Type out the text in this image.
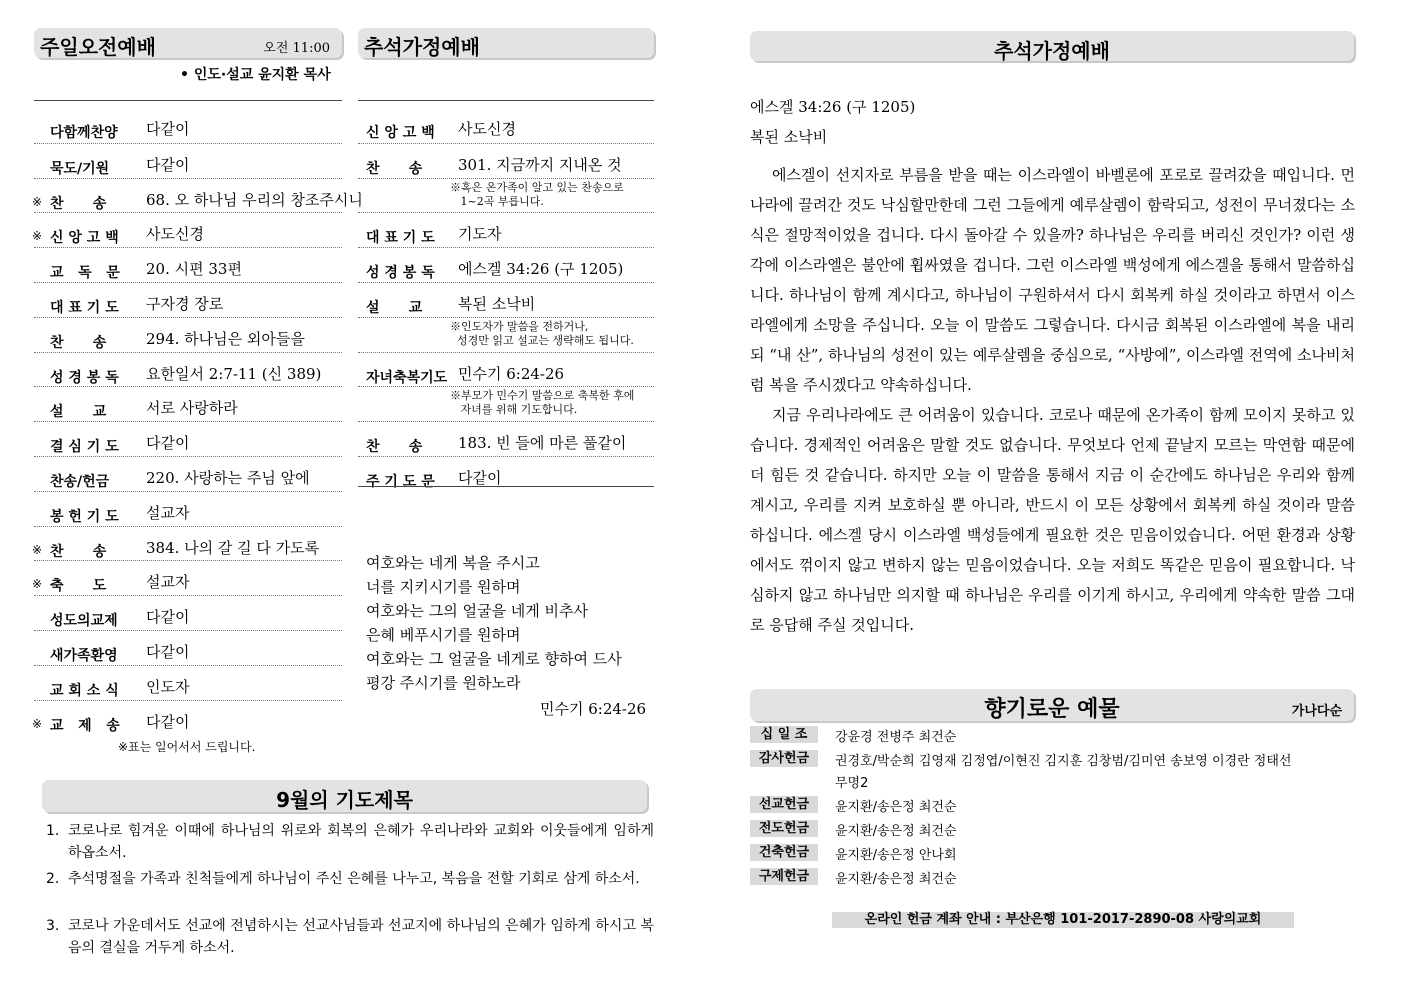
주일오전예배	오전 11:00
• 인도·설교 윤지환 목사
다함께찬양	다같이
묵도/기원	다같이
※ 찬      송	68. 오 하나님 우리의 창조주시니
※ 신 앙 고 백	사도신경
교   독   문	20. 시편 33편
대 표 기 도	구자경 장로
찬      송	294. 하나님은 외아들을
성 경 봉 독	요한일서 2:7-11 (신 389)
설      교	서로 사랑하라
결 심 기 도	다같이
찬송/헌금	220. 사랑하는 주님 앞에
봉 헌 기 도	설교자
※ 찬      송	384. 나의 갈 길 다 가도록
※ 축      도	설교자
성도의교제	다같이
새가족환영	다같이
교 회 소 식	인도자
※ 교   제   송	다같이
※표는 일어서서 드립니다.
추석가정예배
신 앙 고 백	사도신경
찬      송	301. 지금까지 지내온 것
※혹은 온가족이 알고 있는 찬송으로
1~2곡 부릅니다.
대 표 기 도	기도자
성 경 봉 독	에스겔 34:26 (구 1205)
설      교	복된 소낙비
※인도자가 말씀을 전하거나,
성경만 읽고 설교는 생략해도 됩니다.
자녀축복기도 민수기 6:24-26
※부모가 민수기 말씀으로 축복한 후에
자녀를 위해 기도합니다.
찬      송	183. 빈 들에 마른 풀같이
주 기 도 문	다같이

여호와는 네게 복을 주시고

너를 지키시기를 원하며

여호와는 그의 얼굴을 네게 비추사

은혜 베푸시기를 원하며

여호와는 그 얼굴을 네게로 향하여 드사

평강 주시기를 원하노라

민수기 6:24-26
9월의 기도제목
1. 코로나로 힘겨운 이때에 하나님의 위로와 회복의 은혜가 우리나라와 교회와 이웃들에게 임하게 하옵소서.
2. 추석명절을 가족과 친척들에게 하나님이 주신 은혜를 나누고, 복음을 전할 기회로 삼게 하소서.
3. 코로나 가운데서도 선교에 전념하시는 선교사님들과 선교지에 하나님의 은혜가 임하게 하시고 복음의 결실을 거두게 하소서.
추석가정예배
에스겔 34:26 (구 1205)
복된 소낙비

에스겔이 선지자로 부름을 받을 때는 이스라엘이 바벨론에 포로로 끌려갔을 때입니다. 먼 나라에 끌려간 것도 낙심할만한데 그런 그들에게 예루살렘이 함락되고, 성전이 무너졌다는 소식은 절망적이었을 겁니다. 다시 돌아갈 수 있을까? 하나님은 우리를 버리신 것인가? 이런 생각에 이스라엘은 불안에 휩싸였을 겁니다. 그런 이스라엘 백성에게 에스겔을 통해서 말씀하십니다. 하나님이 함께 계시다고, 하나님이 구원하셔서 다시 회복케 하실 것이라고 하면서 이스라엘에게 소망을 주십니다. 오늘 이 말씀도 그렇습니다. 다시금 회복된 이스라엘에 복을 내리되 “내 산”, 하나님의 성전이 있는 예루살렘을 중심으로, “사방에”, 이스라엘 전역에 소나비처럼 복을 주시겠다고 약속하십니다.

지금 우리나라에도 큰 어려움이 있습니다. 코로나 때문에 온가족이 함께 모이지 못하고 있습니다. 경제적인 어려움은 말할 것도 없습니다. 무엇보다 언제 끝날지 모르는 막연함 때문에 더 힘든 것 같습니다. 하지만 오늘 이 말씀을 통해서 지금 이 순간에도 하나님은 우리와 함께 계시고, 우리를 지켜 보호하실 뿐 아니라, 반드시 이 모든 상황에서 회복케 하실 것이라 말씀하십니다. 에스겔 당시 이스라엘 백성들에게 필요한 것은 믿음이었습니다. 어떤 환경과 상황에서도 꺾이지 않고 변하지 않는 믿음이었습니다. 오늘 저희도 똑같은 믿음이 필요합니다. 낙심하지 않고 하나님만 의지할 때 하나님은 우리를 이기게 하시고, 우리에게 약속한 말씀 그대로 응답해 주실 것입니다.

향기로운 예물	가나다순
십 일 조	강윤경 전병주 최건순
감사헌금	권경호/박순희 김영재 김정엽/이현진 김지훈 김창범/김미연 송보영 이경란 정태선
무명2
선교헌금	윤지환/송은정 최건순
전도헌금	윤지환/송은정 최건순
건축헌금	윤지환/송은정 안나회
구제헌금	윤지환/송은정 최건순
온라인 헌금 계좌 안내 : 부산은행 101-2017-2890-08 사랑의교회
